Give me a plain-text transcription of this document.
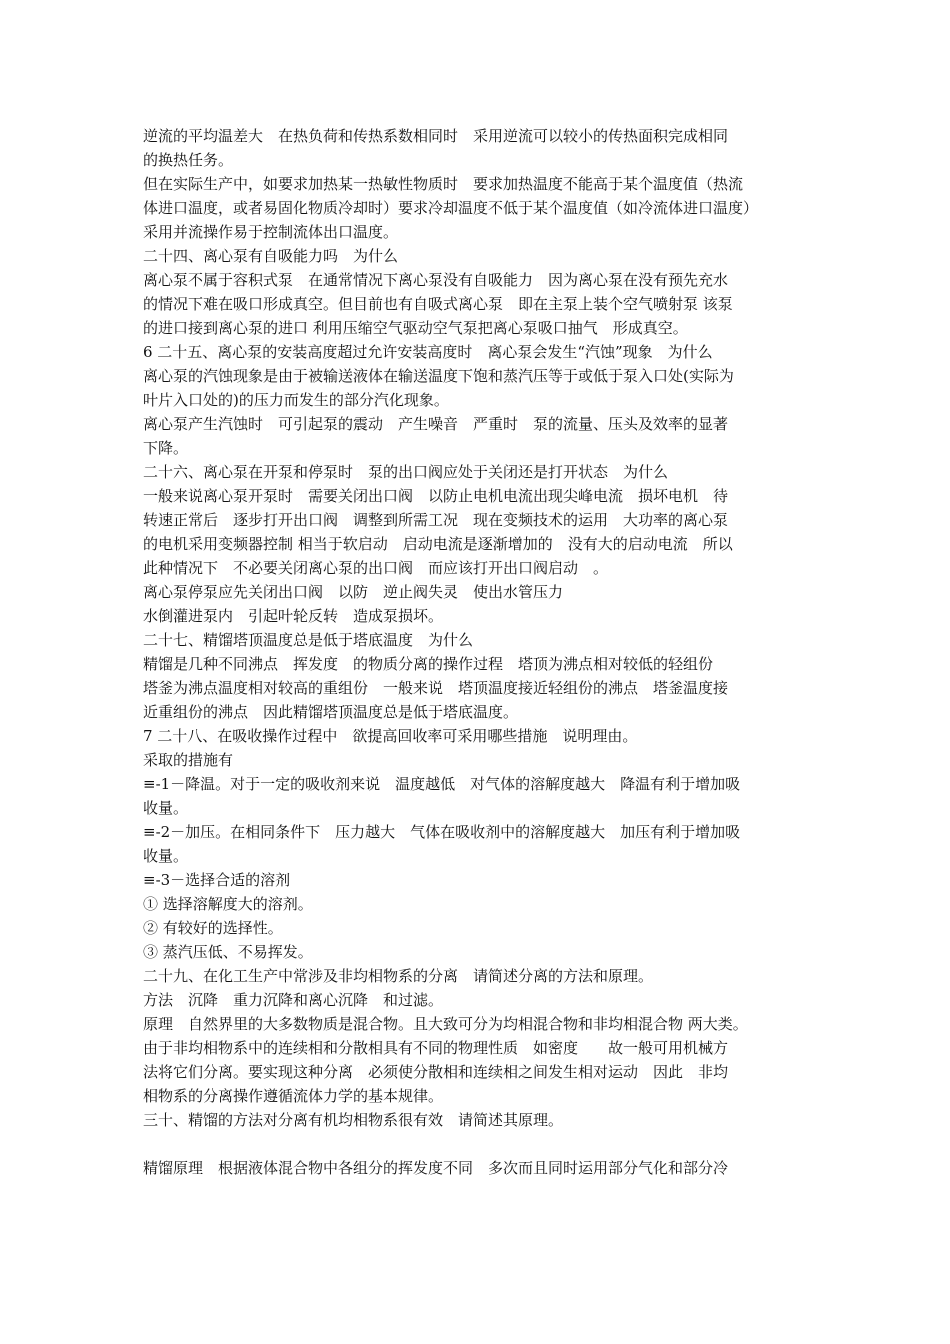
逆流的平均温差大　在热负荷和传热系数相同时　采用逆流可以较小的传热面积完成相同
的换热任务。
但在实际生产中，如要求加热某一热敏性物质时　要求加热温度不能高于某个温度值（热流
体进口温度，或者易固化物质冷却时）要求冷却温度不低于某个温度值（如冷流体进口温度）
采用并流操作易于控制流体出口温度。
二十四、离心泵有自吸能力吗　为什么
离心泵不属于容积式泵　在通常情况下离心泵没有自吸能力　因为离心泵在没有预先充水
的情况下难在吸口形成真空。但目前也有自吸式离心泵　即在主泵上装个空气喷射泵 该泵
的进口接到离心泵的进口 利用压缩空气驱动空气泵把离心泵吸口抽气　形成真空。
6 二十五、离心泵的安装高度超过允许安装高度时　离心泵会发生“汽蚀”现象　为什么
离心泵的汽蚀现象是由于被输送液体在输送温度下饱和蒸汽压等于或低于泵入口处(实际为
叶片入口处的)的压力而发生的部分汽化现象。
离心泵产生汽蚀时　可引起泵的震动　产生噪音　严重时　泵的流量、压头及效率的显著
下降。
二十六、离心泵在开泵和停泵时　泵的出口阀应处于关闭还是打开状态　为什么
一般来说离心泵开泵时　需要关闭出口阀　以防止电机电流出现尖峰电流　损坏电机　待
转速正常后　逐步打开出口阀　调整到所需工况　现在变频技术的运用　大功率的离心泵
的电机采用变频器控制 相当于软启动　启动电流是逐渐增加的　没有大的启动电流　所以
此种情况下　不必要关闭离心泵的出口阀　而应该打开出口阀启动　。
离心泵停泵应先关闭出口阀　以防　逆止阀失灵　使出水管压力
水倒灌进泵内　引起叶轮反转　造成泵损坏。
二十七、精馏塔顶温度总是低于塔底温度　为什么
精馏是几种不同沸点　挥发度　的物质分离的操作过程　塔顶为沸点相对较低的轻组份
塔釜为沸点温度相对较高的重组份　一般来说　塔顶温度接近轻组份的沸点　塔釜温度接
近重组份的沸点　因此精馏塔顶温度总是低于塔底温度。
7 二十八、在吸收操作过程中　欲提高回收率可采用哪些措施　说明理由。
采取的措施有
≡-1－降温。对于一定的吸收剂来说　温度越低　对气体的溶解度越大　降温有利于增加吸
收量。
≡-2－加压。在相同条件下　压力越大　气体在吸收剂中的溶解度越大　加压有利于增加吸
收量。
≡-3－选择合适的溶剂
① 选择溶解度大的溶剂。
② 有较好的选择性。
③ 蒸汽压低、不易挥发。
二十九、在化工生产中常涉及非均相物系的分离　请简述分离的方法和原理。
方法　沉降　重力沉降和离心沉降　和过滤。
原理　自然界里的大多数物质是混合物。且大致可分为均相混合物和非均相混合物 两大类。
由于非均相物系中的连续相和分散相具有不同的物理性质　如密度　　故一般可用机械方
法将它们分离。要实现这种分离　必须使分散相和连续相之间发生相对运动　因此　非均
相物系的分离操作遵循流体力学的基本规律。
三十、精馏的方法对分离有机均相物系很有效　请简述其原理。
精馏原理　根据液体混合物中各组分的挥发度不同　多次而且同时运用部分气化和部分冷
